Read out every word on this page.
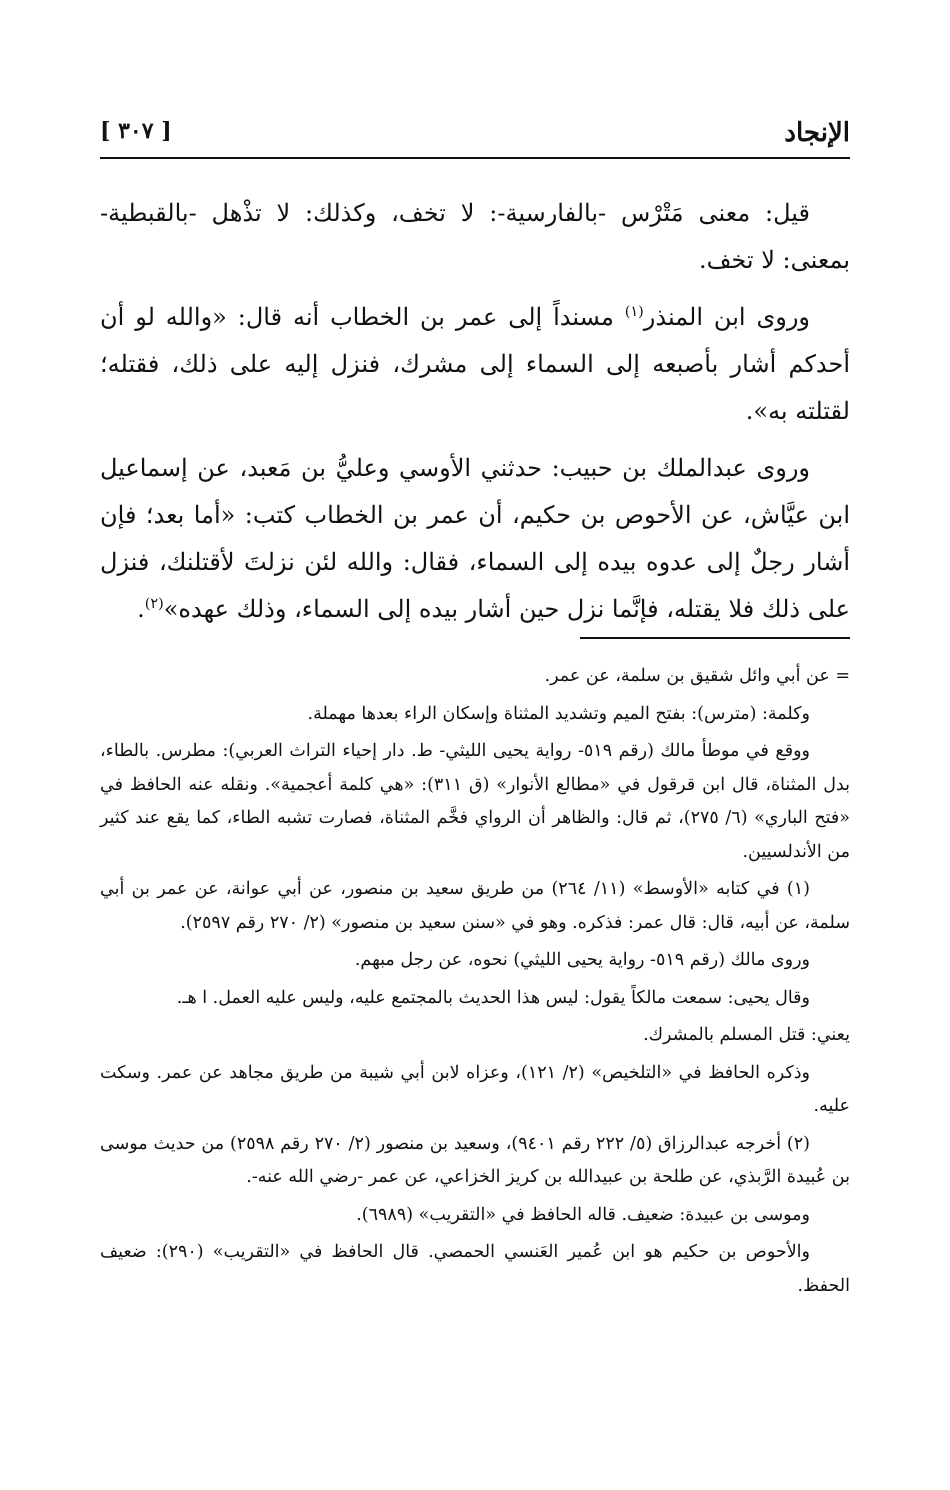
الإنجاد
[ ٣٠٧ ]

قيل: معنى مَتْرْس -بالفارسية-: لا تخف، وكذلك: لا تذْهل -بالقبطية- بمعنى: لا تخف.

وروى ابن المنذر$^{(١)}$ مسنداً إلى عمر بن الخطاب أنه قال: «والله لو أن أحدكم أشار بأصبعه إلى السماء إلى مشرك، فنزل إليه على ذلك، فقتله؛ لقتلته به».

وروى عبدالملك بن حبيب: حدثني الأوسي وعليُّ بن مَعبد، عن إسماعيل ابن عيَّاش، عن الأحوص بن حكيم، أن عمر بن الخطاب كتب: «أما بعد؛ فإن أشار رجلٌ إلى عدوه بيده إلى السماء، فقال: والله لئن نزلتَ لأقتلنك، فنزل على ذلك فلا يقتله، فإنَّما نزل حين أشار بيده إلى السماء، وذلك عهده»$^{(٢)}$.

= عن أبي وائل شقيق بن سلمة، عن عمر.

وكلمة: (مترس): بفتح الميم وتشديد المثناة وإسكان الراء بعدها مهملة.

ووقع في موطأ مالك (رقم ٥١٩- رواية يحيى الليثي- ط. دار إحياء التراث العربي): مطرس. بالطاء، بدل المثناة، قال ابن قرقول في «مطالع الأنوار» (ق ٣١١): «هي كلمة أعجمية». ونقله عنه الحافظ في «فتح الباري» (٦/ ٢٧٥)، ثم قال: والظاهر أن الرواي فخَّم المثناة، فصارت تشبه الطاء، كما يقع عند كثير من الأندلسيين.

(١) في كتابه «الأوسط» (١١/ ٢٦٤) من طريق سعيد بن منصور، عن أبي عوانة، عن عمر بن أبي سلمة، عن أبيه، قال: قال عمر: فذكره. وهو في «سنن سعيد بن منصور» (٢/ ٢٧٠ رقم ٢٥٩٧).

وروى مالك (رقم ٥١٩- رواية يحيى الليثي) نحوه، عن رجل مبهم.

وقال يحيى: سمعت مالكاً يقول: ليس هذا الحديث بالمجتمع عليه، وليس عليه العمل. ا هـ.

يعني: قتل المسلم بالمشرك.

وذكره الحافظ في «التلخيص» (٢/ ١٢١)، وعزاه لابن أبي شيبة من طريق مجاهد عن عمر. وسكت عليه.

(٢) أخرجه عبدالرزاق (٥/ ٢٢٢ رقم ٩٤٠١)، وسعيد بن منصور (٢/ ٢٧٠ رقم ٢٥٩٨) من حديث موسى بن عُبيدة الرَّبذي، عن طلحة بن عبيدالله بن كريز الخزاعي، عن عمر -رضي الله عنه-.

وموسى بن عبيدة: ضعيف. قاله الحافظ في «التقريب» (٦٩٨٩).

والأحوص بن حكيم هو ابن عُمير العَنسي الحمصي. قال الحافظ في «التقريب» (٢٩٠): ضعيف الحفظ.
